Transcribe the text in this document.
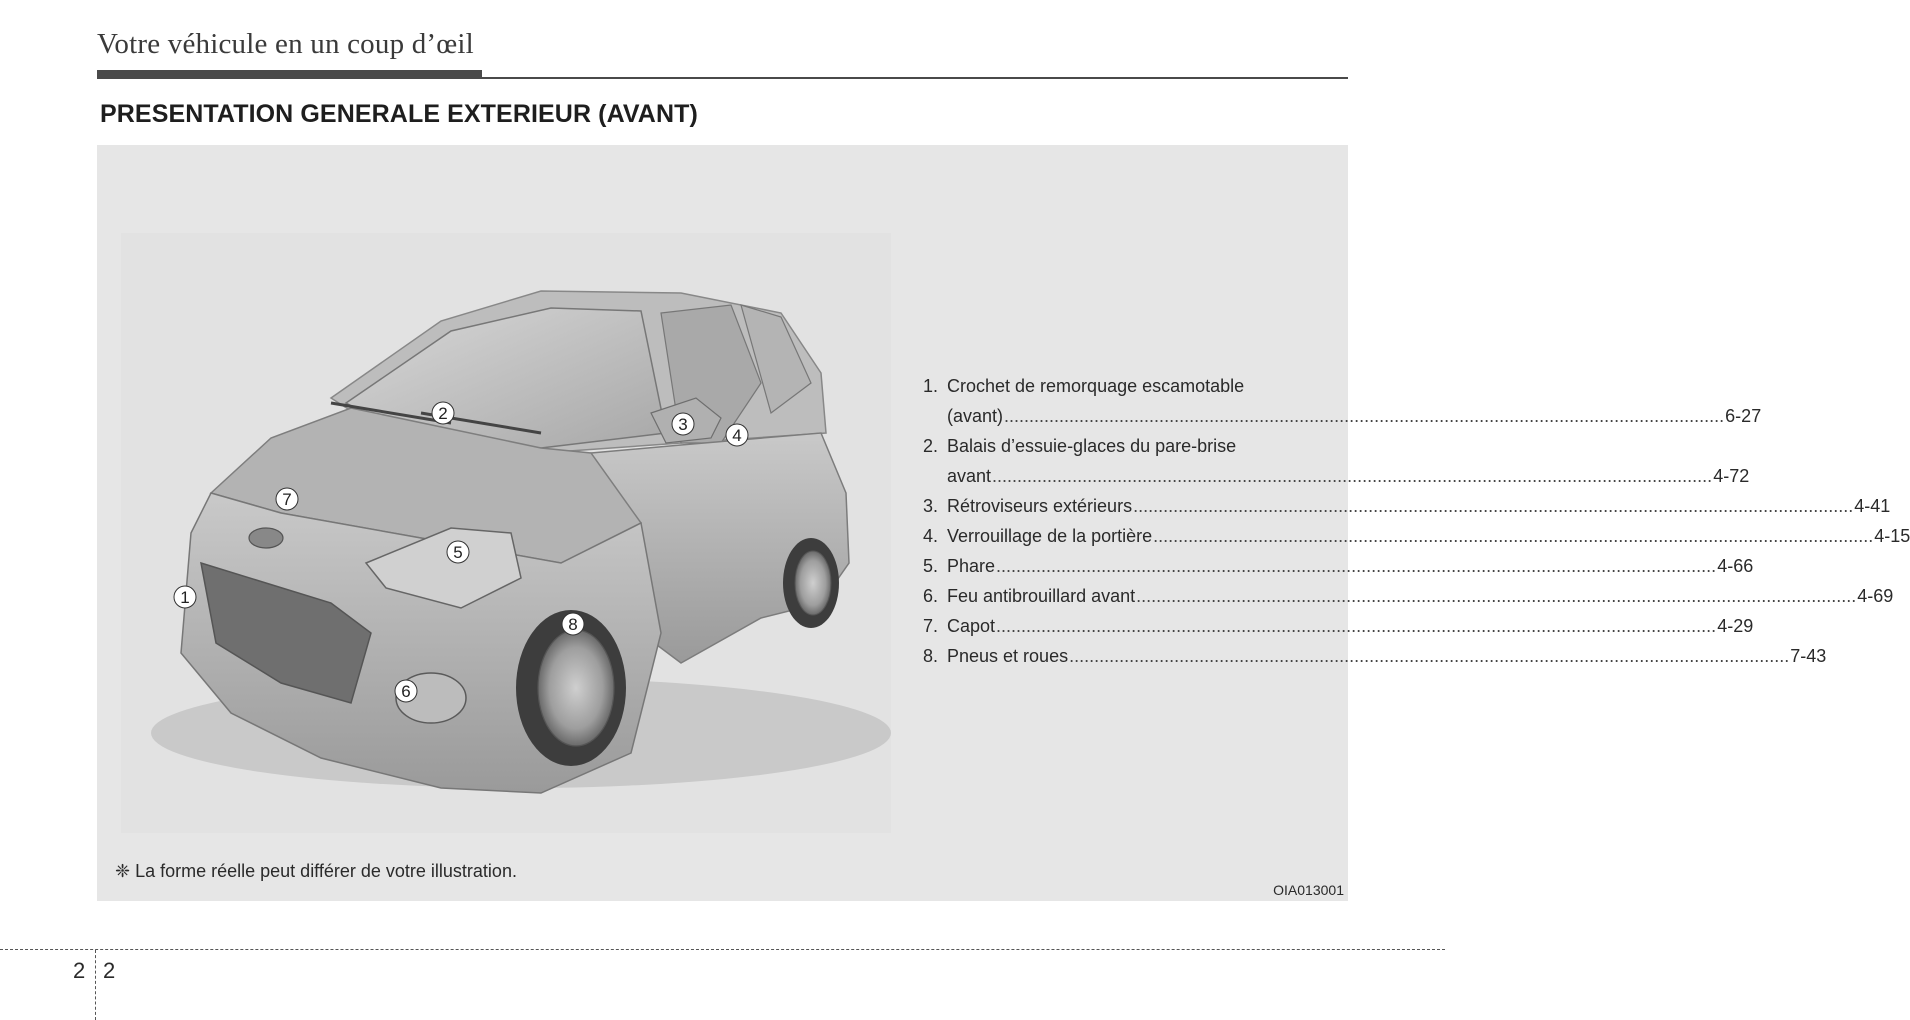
Votre véhicule en un coup d’œil
PRESENTATION GENERALE EXTERIEUR (AVANT)
1
2
3
4
5
6
7
8
1. Crochet de remorquage escamotable
(avant) .....	6-27
2. Balais d’essuie-glaces du pare-brise
avant .....	4-72
3. Rétroviseurs extérieurs .....	4-41
4. Verrouillage de la portière .....	4-15
5. Phare .....	4-66
6. Feu antibrouillard avant .....	4-69
7. Capot .....	4-29
8. Pneus et roues .....	7-43
❈ La forme réelle peut différer de votre illustration.
OIA013001
2 2
